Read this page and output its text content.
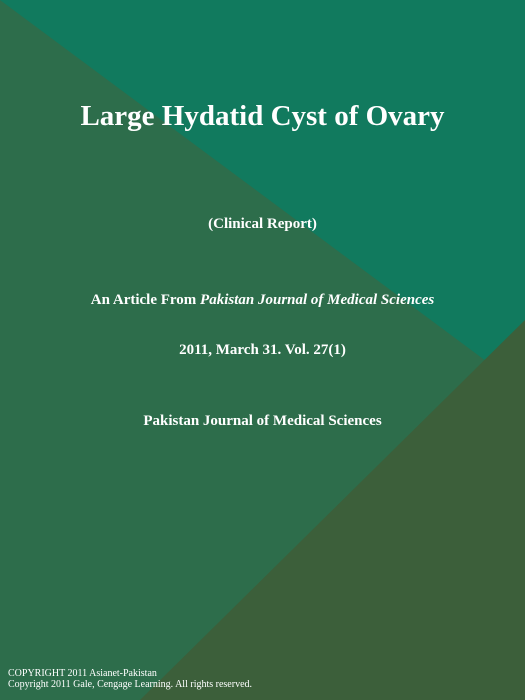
Large Hydatid Cyst of Ovary

(Clinical Report)

An Article From Pakistan Journal of Medical Sciences

2011, March 31. Vol. 27(1)

Pakistan Journal of Medical Sciences

COPYRIGHT 2011 Asianet-Pakistan
Copyright 2011 Gale, Cengage Learning. All rights reserved.
